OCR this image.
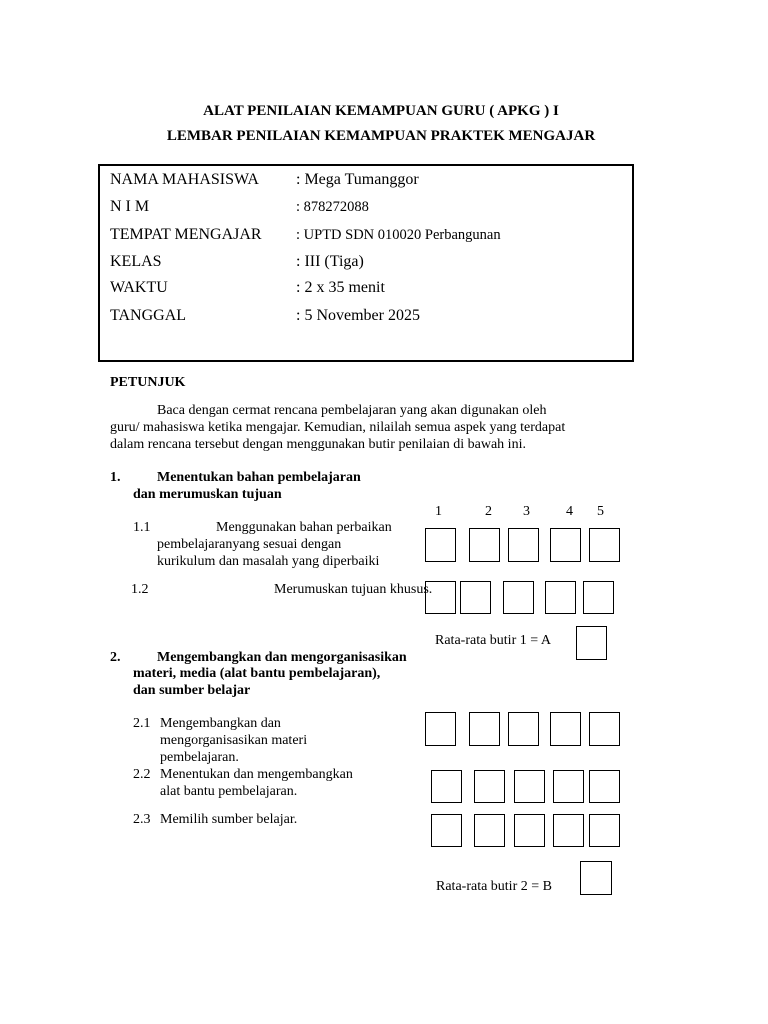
ALAT PENILAIAN KEMAMPUAN GURU ( APKG ) I
LEMBAR PENILAIAN KEMAMPUAN PRAKTEK MENGAJAR
NAMA MAHASISWA : Mega Tumanggor
N I M	: 878272088
TEMPAT MENGAJAR : UPTD SDN 010020 Perbangunan
KELAS	: III (Tiga)
WAKTU	: 2 x 35 menit
TANGGAL	: 5 November 2025
PETUNJUK
Baca dengan cermat rencana pembelajaran yang akan digunakan oleh
guru/ mahasiswa ketika mengajar. Kemudian, nilailah semua aspek yang terdapat
dalam rencana tersebut dengan menggunakan butir penilaian di bawah ini.
1.	Menentukan bahan pembelajaran
dan merumuskan tujuan
1	2 3	4 5
1.1	Menggunakan bahan perbaikan
pembelajaranyang sesuai dengan
kurikulum dan masalah yang diperbaiki
1.2	Merumuskan tujuan khusus.
Rata-rata butir 1 = A
2.	Mengembangkan dan mengorganisasikan
materi, media (alat bantu pembelajaran),
dan sumber belajar
2.1 Mengembangkan dan
mengorganisasikan materi
pembelajaran.
2.2 Menentukan dan mengembangkan
alat bantu pembelajaran.
2.3 Memilih sumber belajar.
Rata-rata butir 2 = B
